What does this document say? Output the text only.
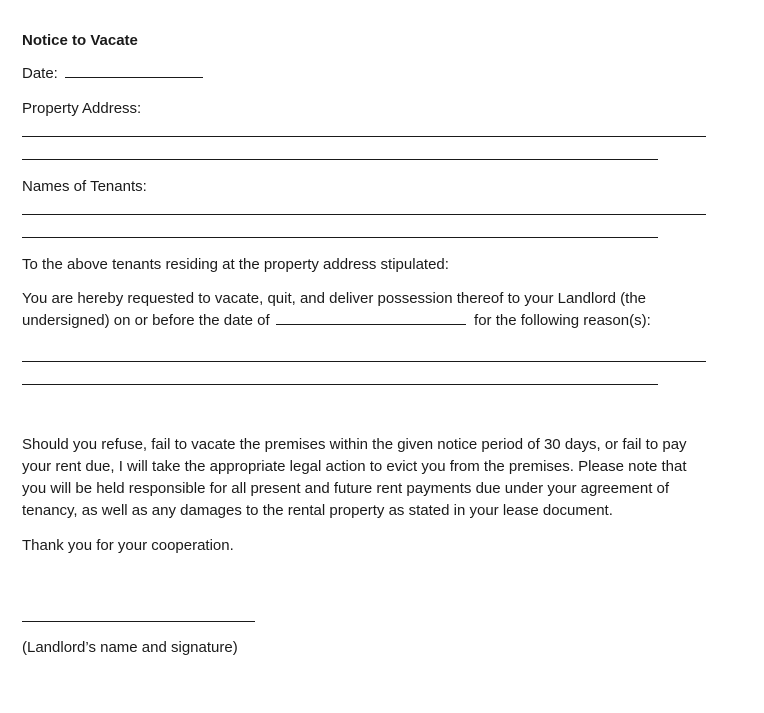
Notice to Vacate
Date:
Property Address:
Names of Tenants:
To the above tenants residing at the property address stipulated:
You are hereby requested to vacate, quit, and deliver possession thereof to your Landlord (the
undersigned) on or before the date of	for the following reason(s):
Should you refuse, fail to vacate the premises within the given notice period of 30 days, or fail to pay
your rent due, I will take the appropriate legal action to evict you from the premises. Please note that
you will be held responsible for all present and future rent payments due under your agreement of
tenancy, as well as any damages to the rental property as stated in your lease document.
Thank you for your cooperation.
(Landlord’s name and signature)
